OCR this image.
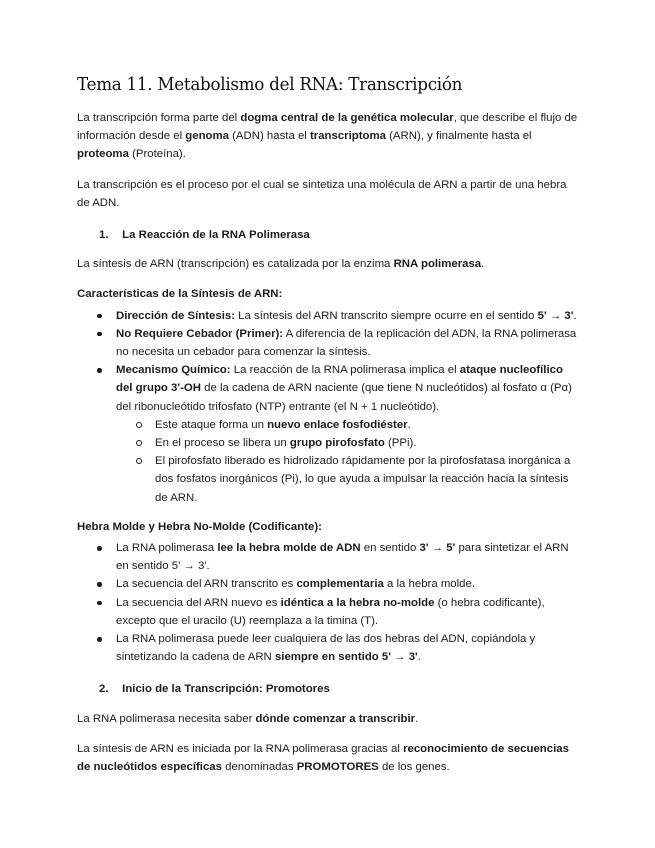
Tema 11. Metabolismo del RNA: Transcripción

La transcripción forma parte del dogma central de la genética molecular, que describe el flujo de información desde el genoma (ADN) hasta el transcriptoma (ARN), y finalmente hasta el proteoma (Proteína).

La transcripción es el proceso por el cual se sintetiza una molécula de ARN a partir de una hebra de ADN.

1. La Reacción de la RNA Polimerasa

La síntesis de ARN (transcripción) es catalizada por la enzima RNA polimerasa.

Características de la Síntesis de ARN:

Dirección de Síntesis: La síntesis del ARN transcrito siempre ocurre en el sentido 5' → 3'.
No Requiere Cebador (Primer): A diferencia de la replicación del ADN, la RNA polimerasa no necesita un cebador para comenzar la síntesis.
Mecanismo Químico: La reacción de la RNA polimerasa implica el ataque nucleofílico del grupo 3'-OH de la cadena de ARN naciente (que tiene N nucleótidos) al fosfato α (Pα) del ribonucleótido trifosfato (NTP) entrante (el N + 1 nucleótido).
Este ataque forma un nuevo enlace fosfodiéster.
En el proceso se libera un grupo pirofosfato (PPi).
El pirofosfato liberado es hidrolizado rápidamente por la pirofosfatasa inorgánica a dos fosfatos inorgánicos (Pi), lo que ayuda a impulsar la reacción hacia la síntesis de ARN.

Hebra Molde y Hebra No-Molde (Codificante):

La RNA polimerasa lee la hebra molde de ADN en sentido 3' → 5' para sintetizar el ARN en sentido 5' → 3'.
La secuencia del ARN transcrito es complementaria a la hebra molde.
La secuencia del ARN nuevo es idéntica a la hebra no-molde (o hebra codificante), excepto que el uracilo (U) reemplaza a la timina (T).
La RNA polimerasa puede leer cualquiera de las dos hebras del ADN, copiándola y sintetizando la cadena de ARN siempre en sentido 5' → 3'.

2. Inicio de la Transcripción: Promotores

La RNA polimerasa necesita saber dónde comenzar a transcribir.

La síntesis de ARN es iniciada por la RNA polimerasa gracias al reconocimiento de secuencias de nucleótidos específicas denominadas PROMOTORES de los genes.
